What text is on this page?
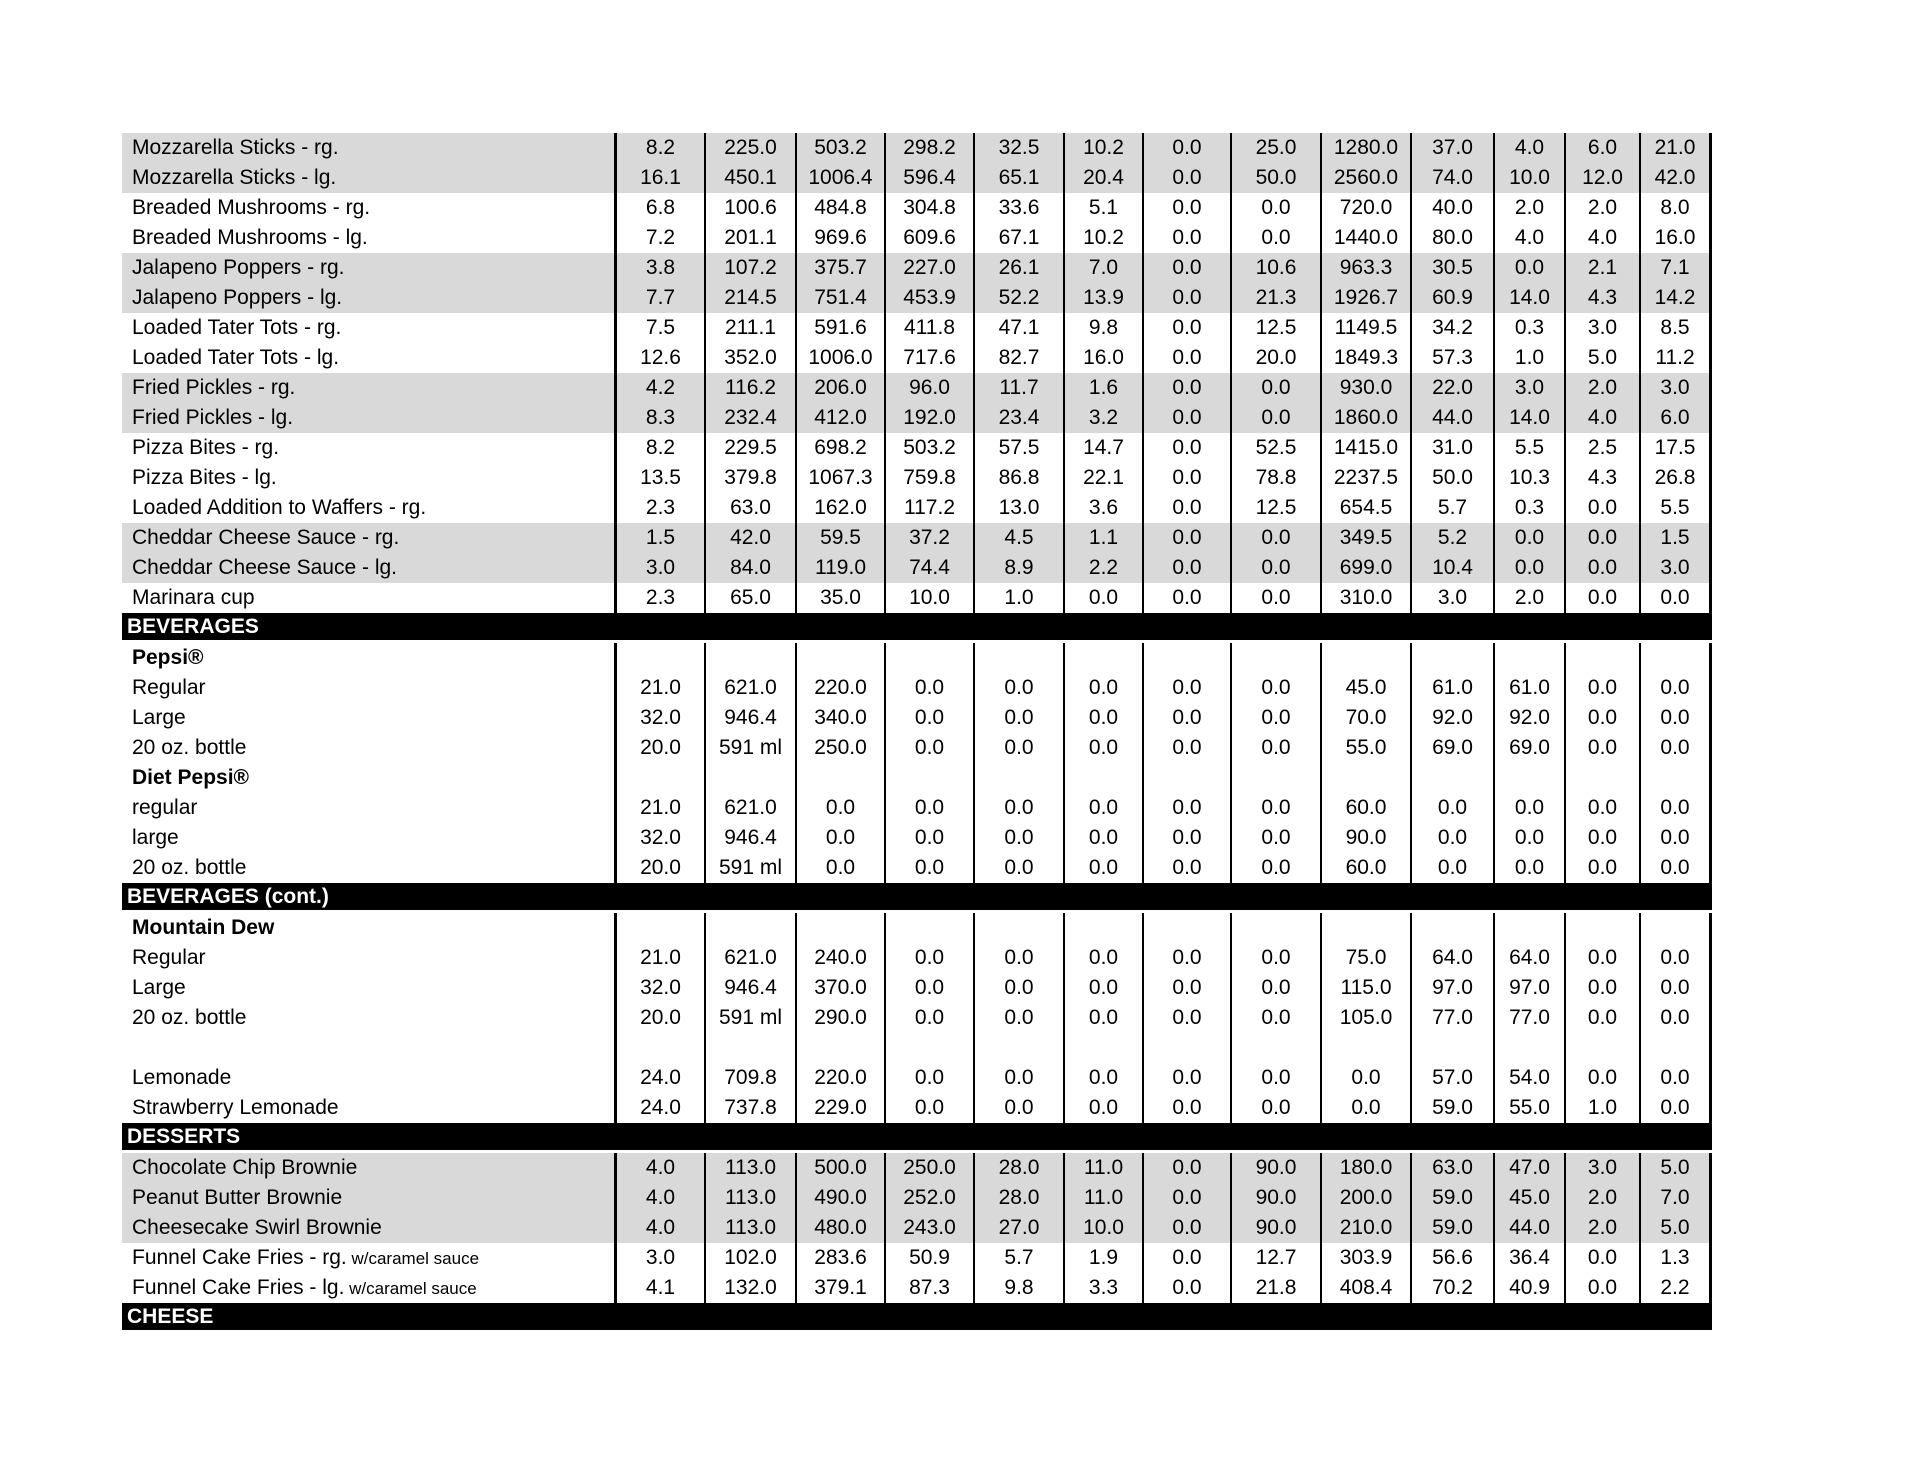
Mozzarella Sticks - rg.	8.2	225.0	503.2	298.2	32.5	10.2	0.0	25.0	1280.0	37.0	4.0	6.0	21.0
Mozzarella Sticks - lg.	16.1	450.1	1006.4	596.4	65.1	20.4	0.0	50.0	2560.0	74.0	10.0	12.0	42.0
Breaded Mushrooms - rg.	6.8	100.6	484.8	304.8	33.6	5.1	0.0	0.0	720.0	40.0	2.0	2.0	8.0
Breaded Mushrooms - lg.	7.2	201.1	969.6	609.6	67.1	10.2	0.0	0.0	1440.0	80.0	4.0	4.0	16.0
Jalapeno Poppers - rg.	3.8	107.2	375.7	227.0	26.1	7.0	0.0	10.6	963.3	30.5	0.0	2.1	7.1
Jalapeno Poppers - lg.	7.7	214.5	751.4	453.9	52.2	13.9	0.0	21.3	1926.7	60.9	14.0	4.3	14.2
Loaded Tater Tots - rg.	7.5	211.1	591.6	411.8	47.1	9.8	0.0	12.5	1149.5	34.2	0.3	3.0	8.5
Loaded Tater Tots - lg.	12.6	352.0	1006.0	717.6	82.7	16.0	0.0	20.0	1849.3	57.3	1.0	5.0	11.2
Fried Pickles - rg.	4.2	116.2	206.0	96.0	11.7	1.6	0.0	0.0	930.0	22.0	3.0	2.0	3.0
Fried Pickles - lg.	8.3	232.4	412.0	192.0	23.4	3.2	0.0	0.0	1860.0	44.0	14.0	4.0	6.0
Pizza Bites - rg.	8.2	229.5	698.2	503.2	57.5	14.7	0.0	52.5	1415.0	31.0	5.5	2.5	17.5
Pizza Bites - lg.	13.5	379.8	1067.3	759.8	86.8	22.1	0.0	78.8	2237.5	50.0	10.3	4.3	26.8
Loaded Addition to Waffers - rg.	2.3	63.0	162.0	117.2	13.0	3.6	0.0	12.5	654.5	5.7	0.3	0.0	5.5
Cheddar Cheese Sauce - rg.	1.5	42.0	59.5	37.2	4.5	1.1	0.0	0.0	349.5	5.2	0.0	0.0	1.5
Cheddar Cheese Sauce - lg.	3.0	84.0	119.0	74.4	8.9	2.2	0.0	0.0	699.0	10.4	0.0	0.0	3.0
Marinara cup	2.3	65.0	35.0	10.0	1.0	0.0	0.0	0.0	310.0	3.0	2.0	0.0	0.0
BEVERAGES
Pepsi®
Regular	21.0	621.0	220.0	0.0	0.0	0.0	0.0	0.0	45.0	61.0	61.0	0.0	0.0
Large	32.0	946.4	340.0	0.0	0.0	0.0	0.0	0.0	70.0	92.0	92.0	0.0	0.0
20 oz. bottle	20.0	591 ml	250.0	0.0	0.0	0.0	0.0	0.0	55.0	69.0	69.0	0.0	0.0
Diet Pepsi®
regular	21.0	621.0	0.0	0.0	0.0	0.0	0.0	0.0	60.0	0.0	0.0	0.0	0.0
large	32.0	946.4	0.0	0.0	0.0	0.0	0.0	0.0	90.0	0.0	0.0	0.0	0.0
20 oz. bottle	20.0	591 ml	0.0	0.0	0.0	0.0	0.0	0.0	60.0	0.0	0.0	0.0	0.0
BEVERAGES (cont.)
Mountain Dew
Regular	21.0	621.0	240.0	0.0	0.0	0.0	0.0	0.0	75.0	64.0	64.0	0.0	0.0
Large	32.0	946.4	370.0	0.0	0.0	0.0	0.0	0.0	115.0	97.0	97.0	0.0	0.0
20 oz. bottle	20.0	591 ml	290.0	0.0	0.0	0.0	0.0	0.0	105.0	77.0	77.0	0.0	0.0
Lemonade	24.0	709.8	220.0	0.0	0.0	0.0	0.0	0.0	0.0	57.0	54.0	0.0	0.0
Strawberry Lemonade	24.0	737.8	229.0	0.0	0.0	0.0	0.0	0.0	0.0	59.0	55.0	1.0	0.0
DESSERTS
Chocolate Chip Brownie	4.0	113.0	500.0	250.0	28.0	11.0	0.0	90.0	180.0	63.0	47.0	3.0	5.0
Peanut Butter Brownie	4.0	113.0	490.0	252.0	28.0	11.0	0.0	90.0	200.0	59.0	45.0	2.0	7.0
Cheesecake Swirl Brownie	4.0	113.0	480.0	243.0	27.0	10.0	0.0	90.0	210.0	59.0	44.0	2.0	5.0
Funnel Cake Fries - rg. w/caramel sauce	3.0	102.0	283.6	50.9	5.7	1.9	0.0	12.7	303.9	56.6	36.4	0.0	1.3
Funnel Cake Fries - lg. w/caramel sauce	4.1	132.0	379.1	87.3	9.8	3.3	0.0	21.8	408.4	70.2	40.9	0.0	2.2
CHEESE
